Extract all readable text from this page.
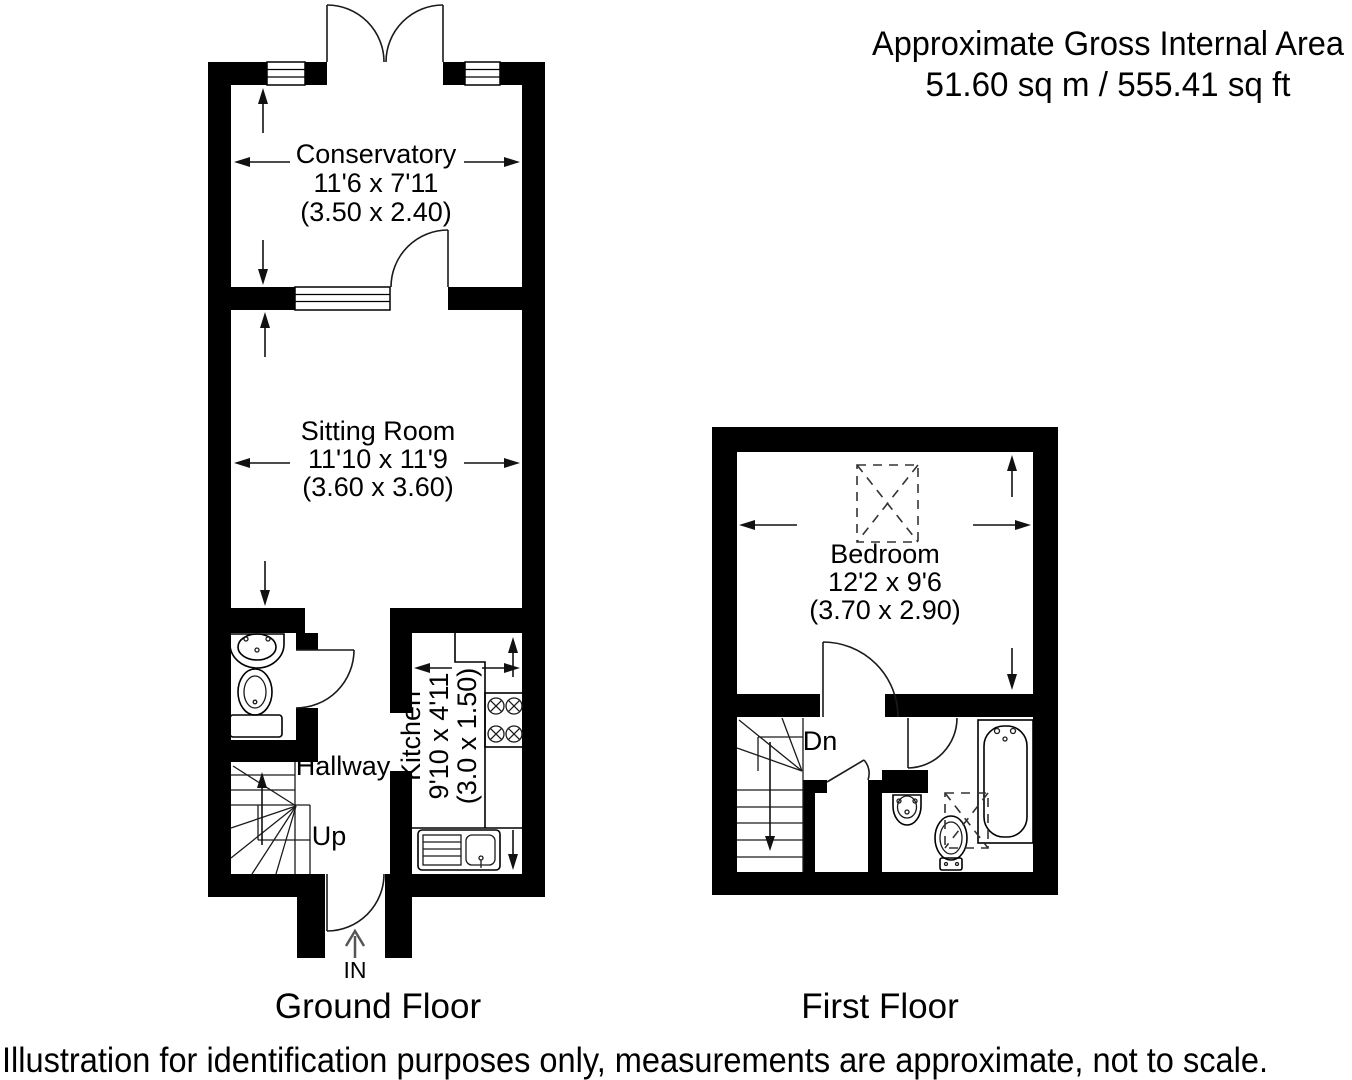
Approximate Gross Internal Area
51.60 sq m / 555.41 sq ft
Conservatory
11'6 x 7'11
(3.50 x 2.40)
Sitting Room
11'10 x 11'9
(3.60 x 3.60)
Kitchen
9'10 x 4'11
(3.0 x 1.50)
Hallway
Up
IN
Bedroom
12'2 x 9'6
(3.70 x 2.90)
Dn
Ground Floor	First Floor
Illustration for identification purposes only, measurements are approximate, not to scale.
